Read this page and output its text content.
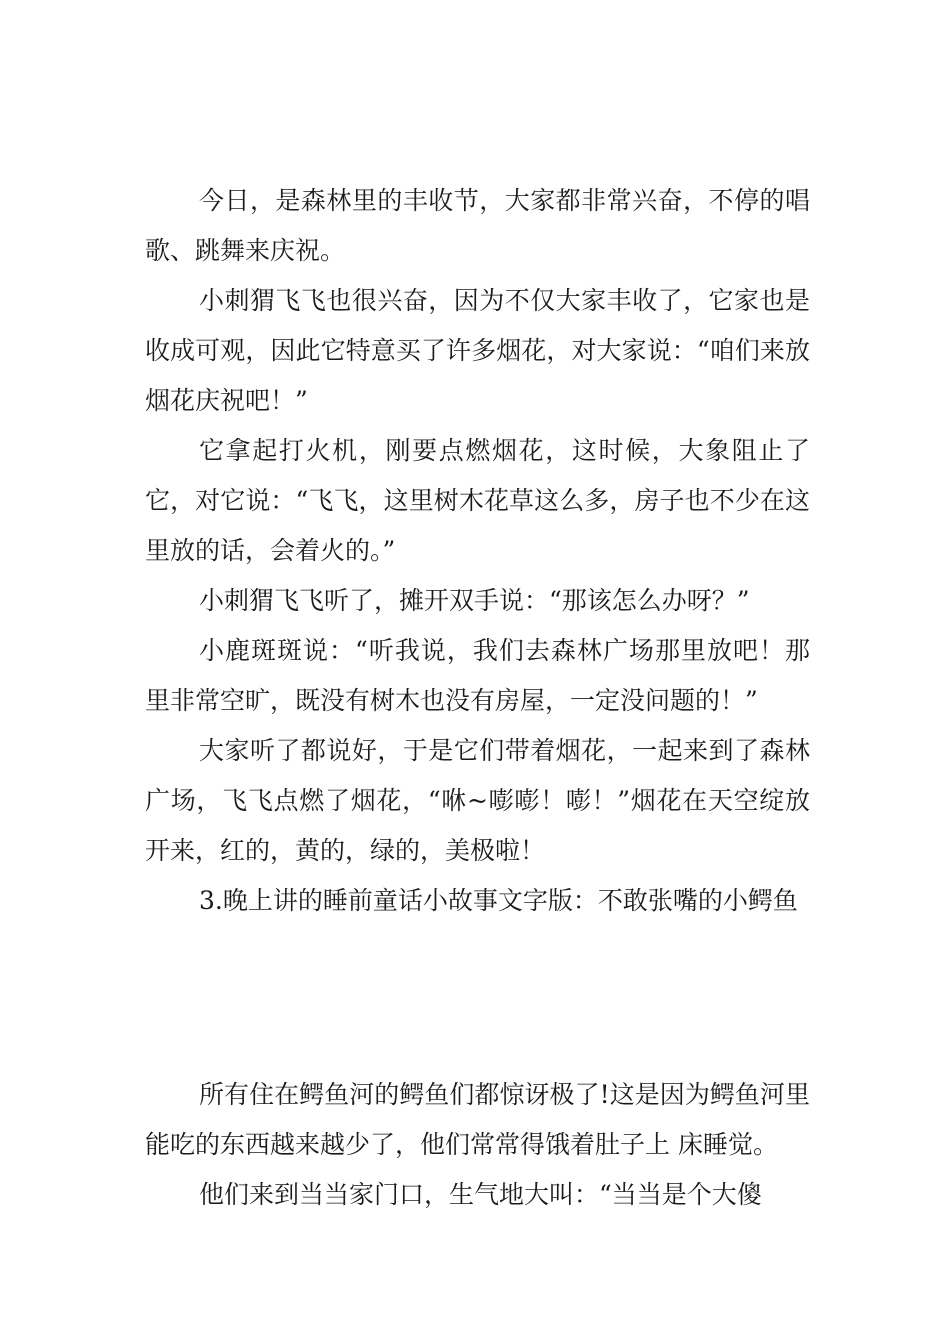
今日，是森林里的丰收节，大家都非常兴奋，不停的唱歌、跳舞来庆祝。

小刺猬飞飞也很兴奋，因为不仅大家丰收了，它家也是收成可观，因此它特意买了许多烟花，对大家说：“咱们来放烟花庆祝吧！”

它拿起打火机，刚要点燃烟花，这时候，大象阻止了它，对它说：“飞飞，这里树木花草这么多，房子也不少在这里放的话，会着火的。”

小刺猬飞飞听了，摊开双手说：“那该怎么办呀？”

小鹿斑斑说：“听我说，我们去森林广场那里放吧！那里非常空旷，既没有树木也没有房屋，一定没问题的！”

大家听了都说好，于是它们带着烟花，一起来到了森林广场，飞飞点燃了烟花，“咻~嘭嘭！嘭！”烟花在天空绽放开来，红的，黄的，绿的，美极啦！

3.晚上讲的睡前童话小故事文字版：不敢张嘴的小鳄鱼

所有住在鳄鱼河的鳄鱼们都惊讶极了!这是因为鳄鱼河里能吃的东西越来越少了，他们常常得饿着肚子上 床睡觉。

他们来到当当家门口，生气地大叫：“当当是个大傻
